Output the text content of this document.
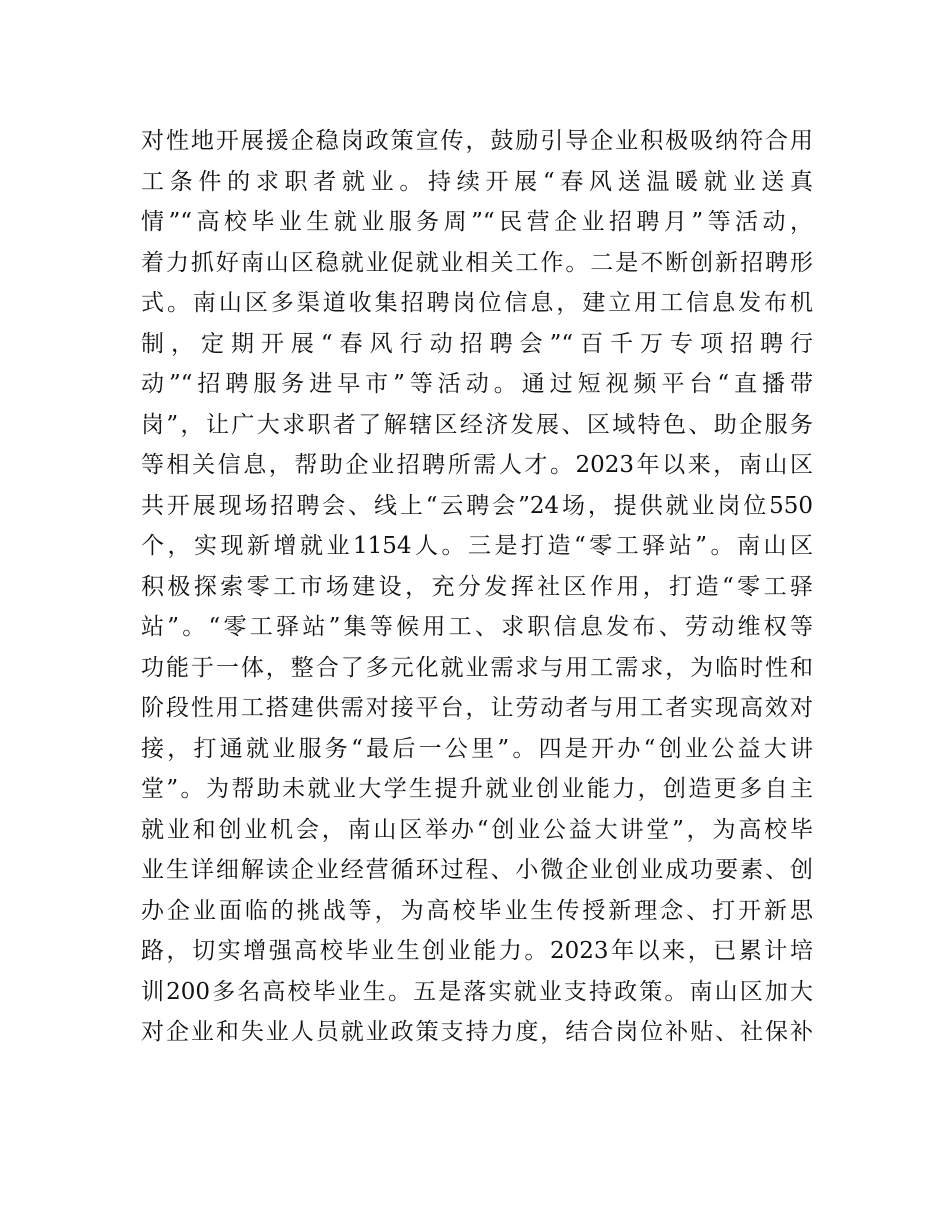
对性地开展援企稳岗政策宣传，鼓励引导企业积极吸纳符合用
工条件的求职者就业。持续开展“春风送温暖就业送真
情”“高校毕业生就业服务周”“民营企业招聘月”等活动，
着力抓好南山区稳就业促就业相关工作。二是不断创新招聘形
式。南山区多渠道收集招聘岗位信息，建立用工信息发布机
制，定期开展“春风行动招聘会”“百千万专项招聘行
动”“招聘服务进早市”等活动。通过短视频平台“直播带
岗”，让广大求职者了解辖区经济发展、区域特色、助企服务
等相关信息，帮助企业招聘所需人才。2023年以来，南山区
共开展现场招聘会、线上“云聘会”24场，提供就业岗位550
个，实现新增就业1154人。三是打造“零工驿站”。南山区
积极探索零工市场建设，充分发挥社区作用，打造“零工驿
站”。“零工驿站”集等候用工、求职信息发布、劳动维权等
功能于一体，整合了多元化就业需求与用工需求，为临时性和
阶段性用工搭建供需对接平台，让劳动者与用工者实现高效对
接，打通就业服务“最后一公里”。四是开办“创业公益大讲
堂”。为帮助未就业大学生提升就业创业能力，创造更多自主
就业和创业机会，南山区举办“创业公益大讲堂”，为高校毕
业生详细解读企业经营循环过程、小微企业创业成功要素、创
办企业面临的挑战等，为高校毕业生传授新理念、打开新思
路，切实增强高校毕业生创业能力。2023年以来，已累计培
训200多名高校毕业生。五是落实就业支持政策。南山区加大
对企业和失业人员就业政策支持力度，结合岗位补贴、社保补
